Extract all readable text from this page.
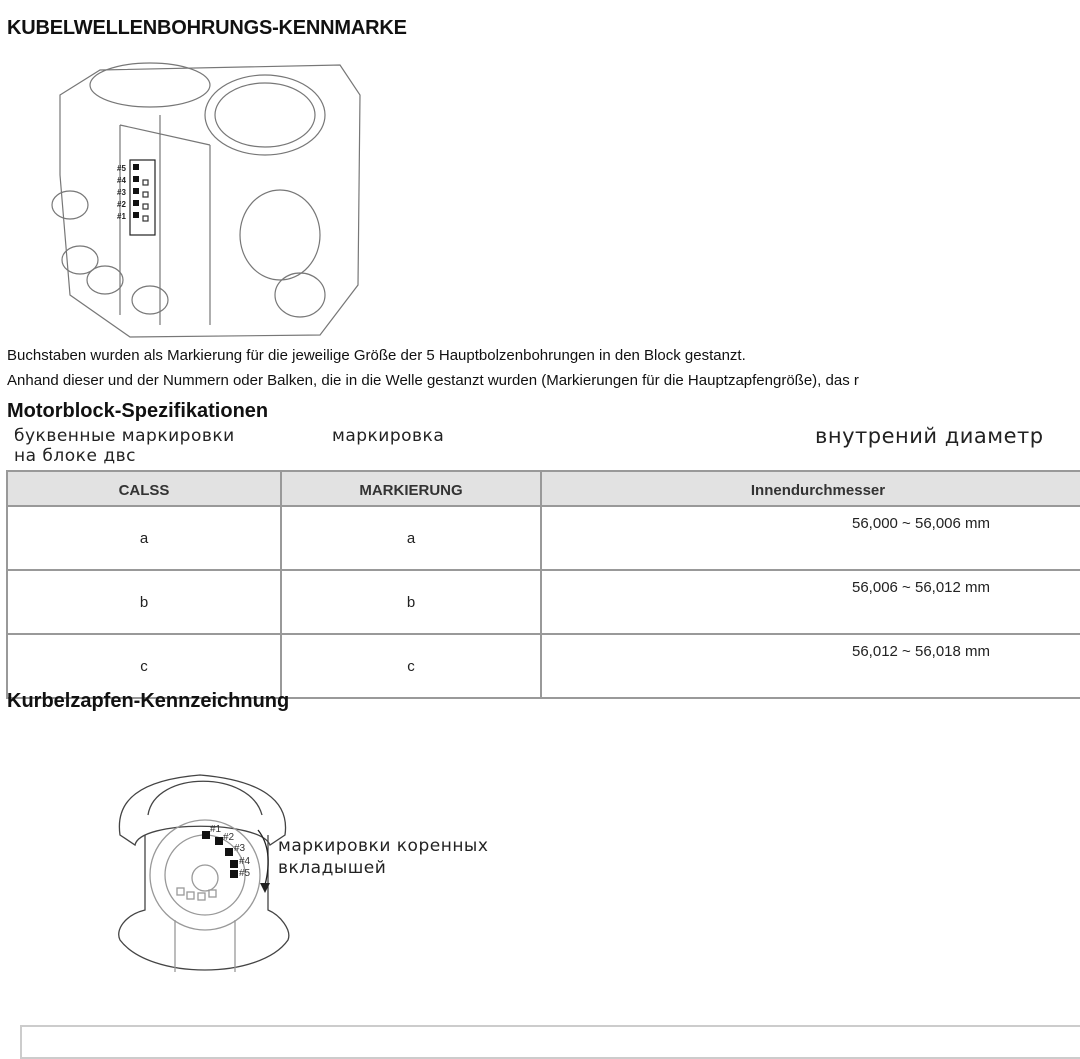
KUBELWELLENBOHRUNGS-KENNMARKE
#5
#4
#3
#2
#1
Buchstaben wurden als Markierung für die jeweilige Größe der 5 Hauptbolzenbohrungen in den Block gestanzt.
Anhand dieser und der Nummern oder Balken, die in die Welle gestanzt wurden (Markierungen für die Hauptzapfengröße), das r
Motorblock-Spezifikationen
буквенные маркировки
на блоке двс
маркировка	внутрений диаметр
CALSS	MARKIERUNG	Innendurchmesser
a	a	56,000 ~ 56,006 mm
b	b	56,006 ~ 56,012 mm
c	c	56,012 ~ 56,018 mm
Kurbelzapfen-Kennzeichnung
#1
#2
#3
#4
#5
маркировки коренных
вкладышей
